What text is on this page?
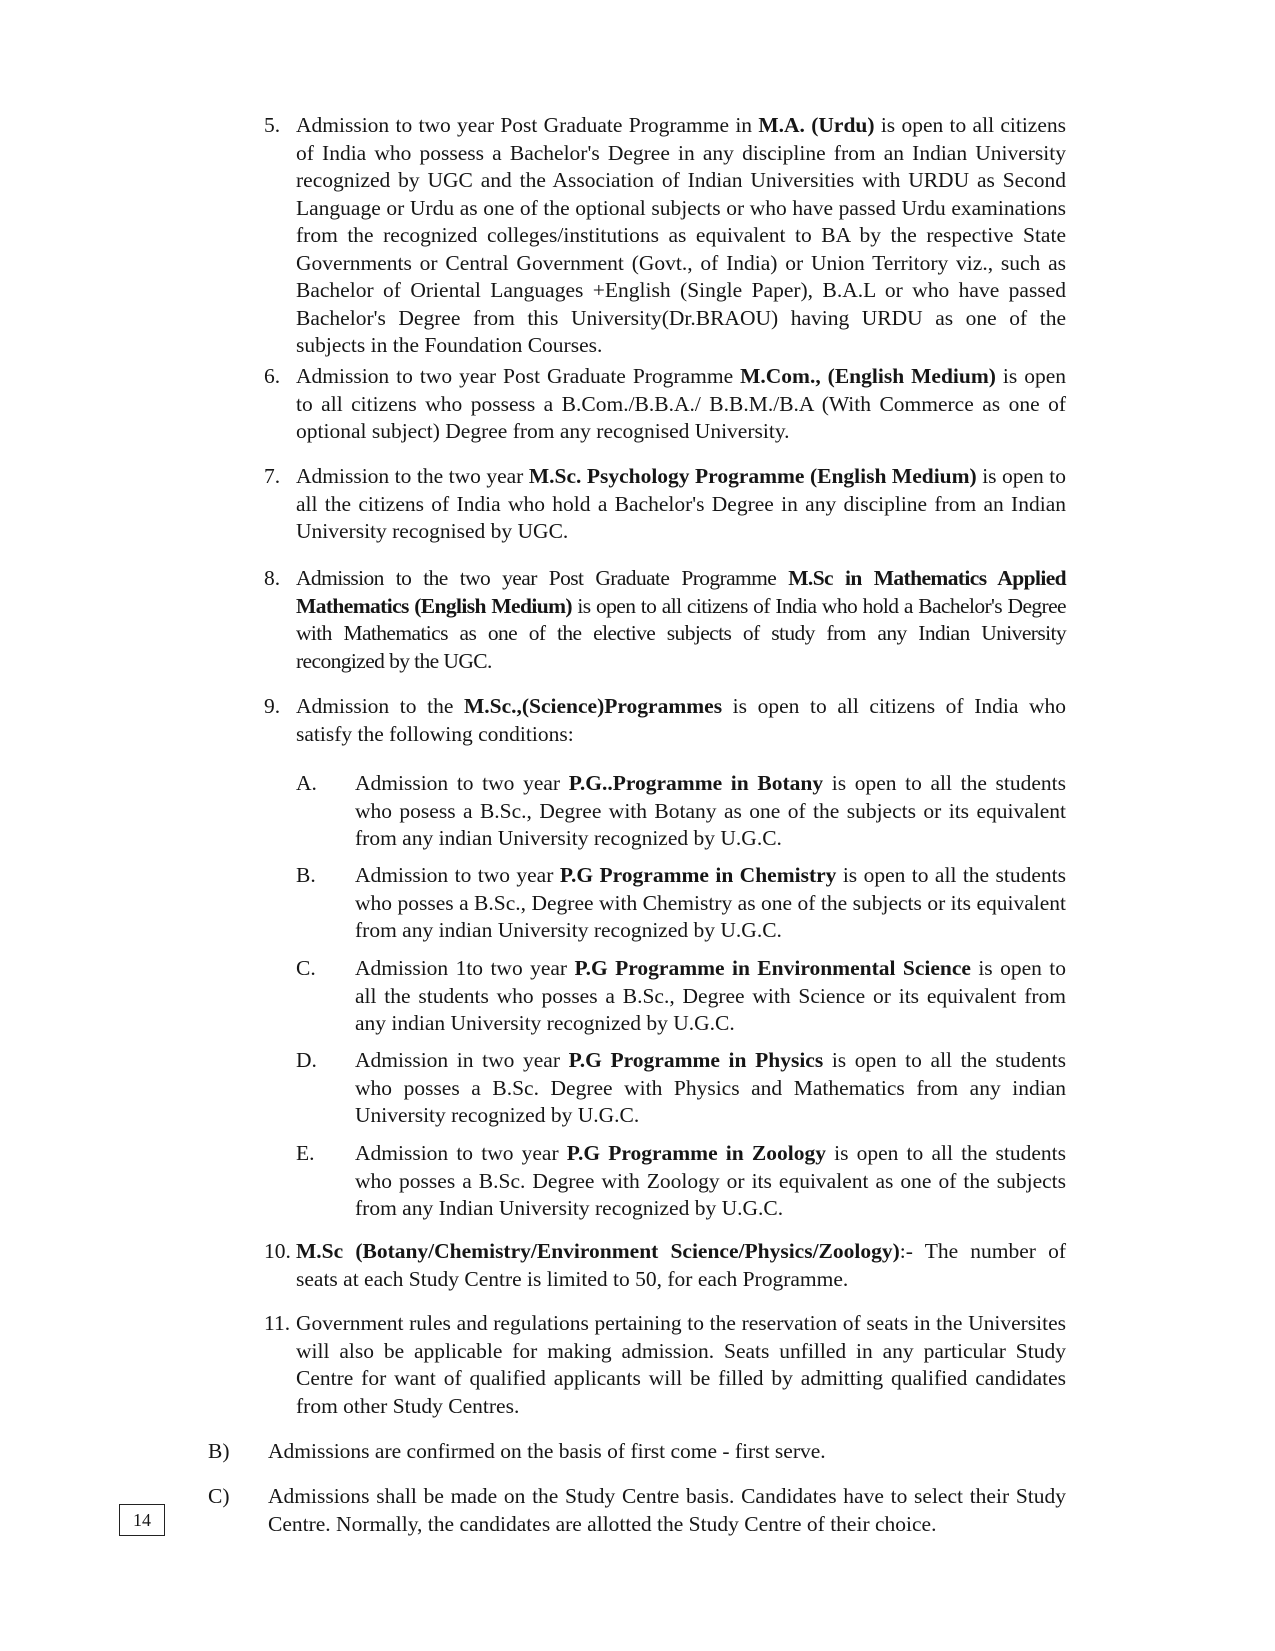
5. Admission to two year Post Graduate Programme in M.A. (Urdu) is open to all citizens of India who possess a Bachelor's Degree in any discipline from an Indian University recognized by UGC and the Association of Indian Universities with URDU as Second Language or Urdu as one of the optional subjects or who have passed Urdu examinations from the recognized colleges/institutions as equivalent to BA by the respective State Governments or Central Government (Govt., of India) or Union Territory viz., such as Bachelor of Oriental Languages +English (Single Paper), B.A.L or who have passed Bachelor's Degree from this University(Dr.BRAOU) having URDU as one of the subjects in the Foundation Courses.
6. Admission to two year Post Graduate Programme M.Com., (English Medium) is open to all citizens who possess a B.Com./B.B.A./ B.B.M./B.A (With Commerce as one of optional subject) Degree from any recognised University.
7. Admission to the two year M.Sc. Psychology Programme (English Medium) is open to all the citizens of India who hold a Bachelor's Degree in any discipline from an Indian University recognised by UGC.
8. Admission to the two year Post Graduate Programme M.Sc in Mathematics Applied Mathematics (English Medium) is open to all citizens of India who hold a Bachelor's Degree with Mathematics as one of the elective subjects of study from any Indian University recongized by the UGC.
9. Admission to the M.Sc.,(Science)Programmes is open to all citizens of India who satisfy the following conditions:
A. Admission to two year P.G..Programme in Botany is open to all the students who posess a B.Sc., Degree with Botany as one of the subjects or its equivalent from any indian University recognized by U.G.C.
B. Admission to two year P.G Programme in Chemistry is open to all the students who posses a B.Sc., Degree with Chemistry as one of the subjects or its equivalent from any indian University recognized by U.G.C.
C. Admission 1to two year P.G Programme in Environmental Science is open to all the students who posses a B.Sc., Degree with Science or its equivalent from any indian University recognized by U.G.C.
D. Admission in two year P.G Programme in Physics is open to all the students who posses a B.Sc. Degree with Physics and Mathematics from any indian University recognized by U.G.C.
E. Admission to two year P.G Programme in Zoology is open to all the students who posses a B.Sc. Degree with Zoology or its equivalent as one of the subjects from any Indian University recognized by U.G.C.
10. M.Sc (Botany/Chemistry/Environment Science/Physics/Zoology):- The number of seats at each Study Centre is limited to 50, for each Programme.
11. Government rules and regulations pertaining to the reservation of seats in the Universites will also be applicable for making admission. Seats unfilled in any particular Study Centre for want of qualified applicants will be filled by admitting qualified candidates from other Study Centres.
B) Admissions are confirmed on the basis of first come - first serve.
C) Admissions shall be made on the Study Centre basis. Candidates have to select their Study Centre. Normally, the candidates are allotted the Study Centre of their choice.
14
